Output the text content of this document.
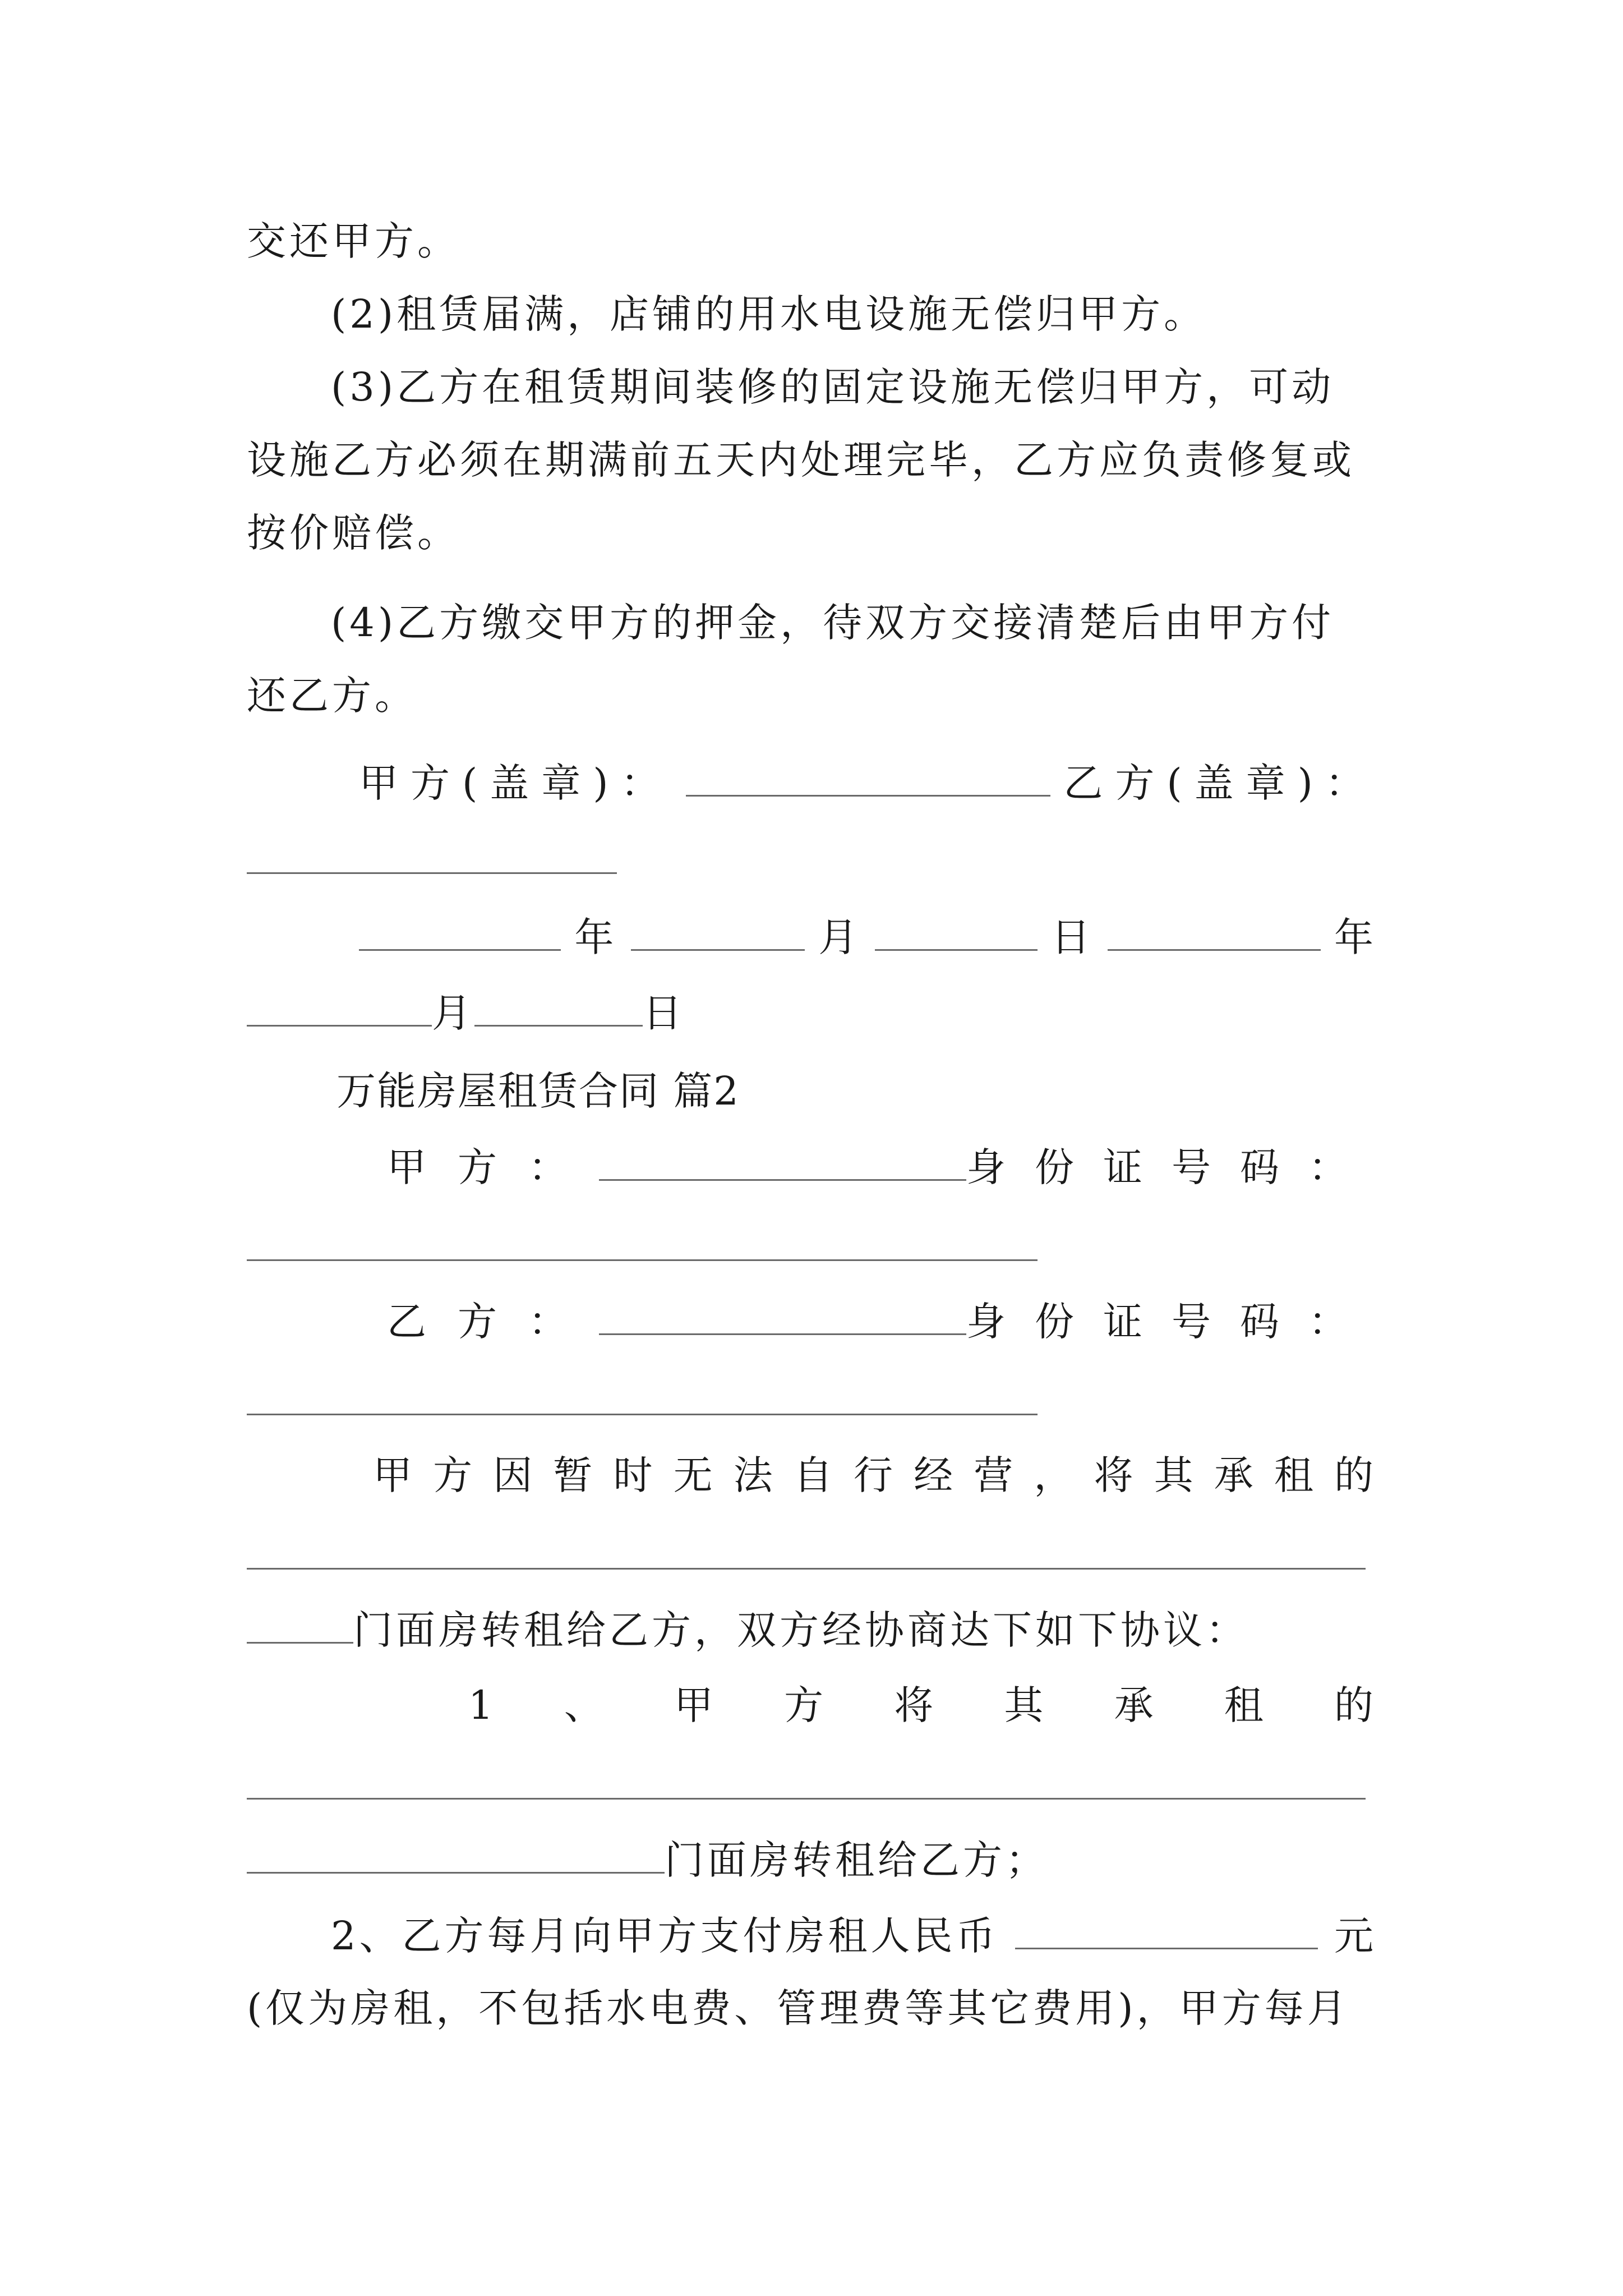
交还甲方。
(2)租赁届满，店铺的用水电设施无偿归甲方。
(3)乙方在租赁期间装修的固定设施无偿归甲方，可动
设施乙方必须在期满前五天内处理完毕，乙方应负责修复或
按价赔偿。
(4)乙方缴交甲方的押金，待双方交接清楚后由甲方付
还乙方。
甲方(盖章)：	乙方(盖章)：
年	月	日	年
月	日
万能房屋租赁合同 篇2
甲方：	身份证号码：
乙方：	身份证号码：
甲 方 因 暂 时 无 法 自 行 经 营 ， 将 其 承 租 的
门面房转租给乙方，双方经协商达下如下协议：
1 、 甲 方 将 其 承 租 的
门面房转租给乙方；
2、乙方每月向甲方支付房租人民币	元
(仅为房租，不包括水电费、管理费等其它费用)，甲方每月
